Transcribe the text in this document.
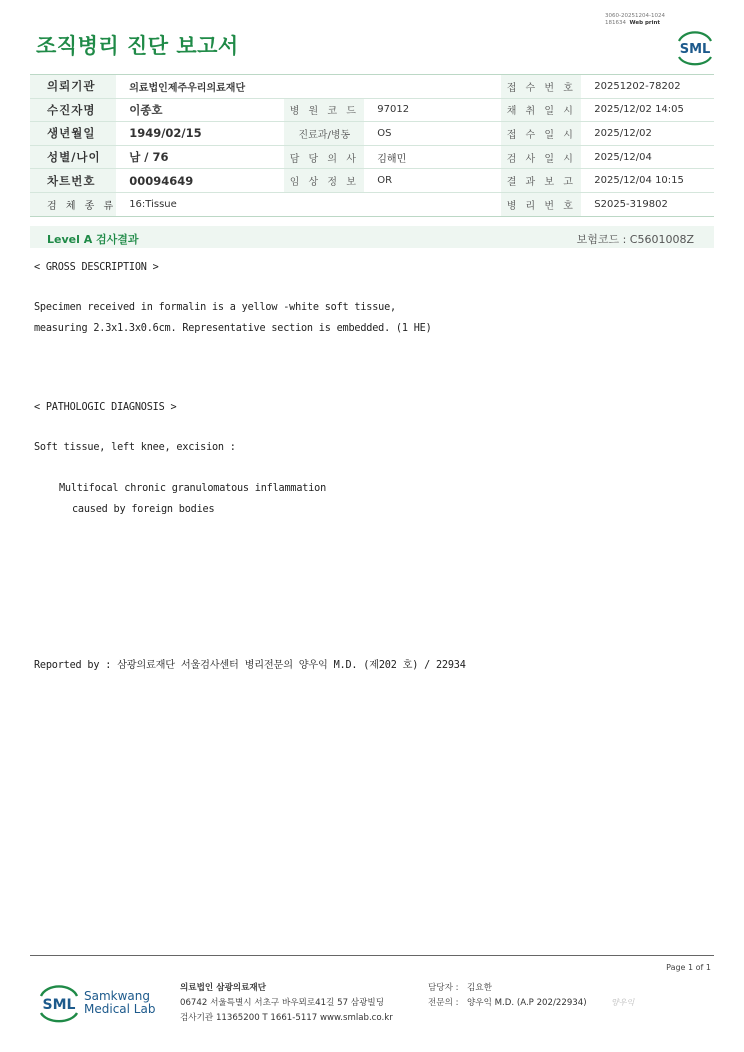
조직병리 진단 보고서
3060-20251204-1024
181634 Web print
SML
의뢰기관	의료법인제주우리의료재단			접 수 번 호	20251202-78202
수진자명	이종호	병 원 코 드	97012	채 취 일 시	2025/12/02 14:05
생년월일	1949/02/15	진료과/병동	OS	접 수 일 시	2025/12/02
성별/나이	남 / 76	담 당 의 사	김해민	검 사 일 시	2025/12/04
차트번호	00094649	임 상 정 보	OR	결 과 보 고	2025/12/04 10:15
검 체 종 류	16:Tissue			병 리 번 호	S2025-319802
Level A 검사결과	보험코드 : C5601008Z
< GROSS DESCRIPTION >
Specimen received in formalin is a yellow -white soft tissue,
measuring 2.3x1.3x0.6cm. Representative section is embedded. (1 HE)
< PATHOLOGIC DIAGNOSIS >
Soft tissue, left knee, excision :
Multifocal chronic granulomatous inflammation
caused by foreign bodies
Reported by : 삼광의료재단 서울검사센터 병리전문의 양우익 M.D. (제202 호) / 22934
Page 1 of 1
SML
Samkwang
Medical Lab
의료법인 삼광의료재단
06742 서울특별시 서초구 바우뫼로41길 57 삼광빌딩
검사기관 11365200 T 1661-5117 www.smlab.co.kr
담당자 : 김요한
전문의 : 양우익 M.D. (A.P 202/22934)	양우익
